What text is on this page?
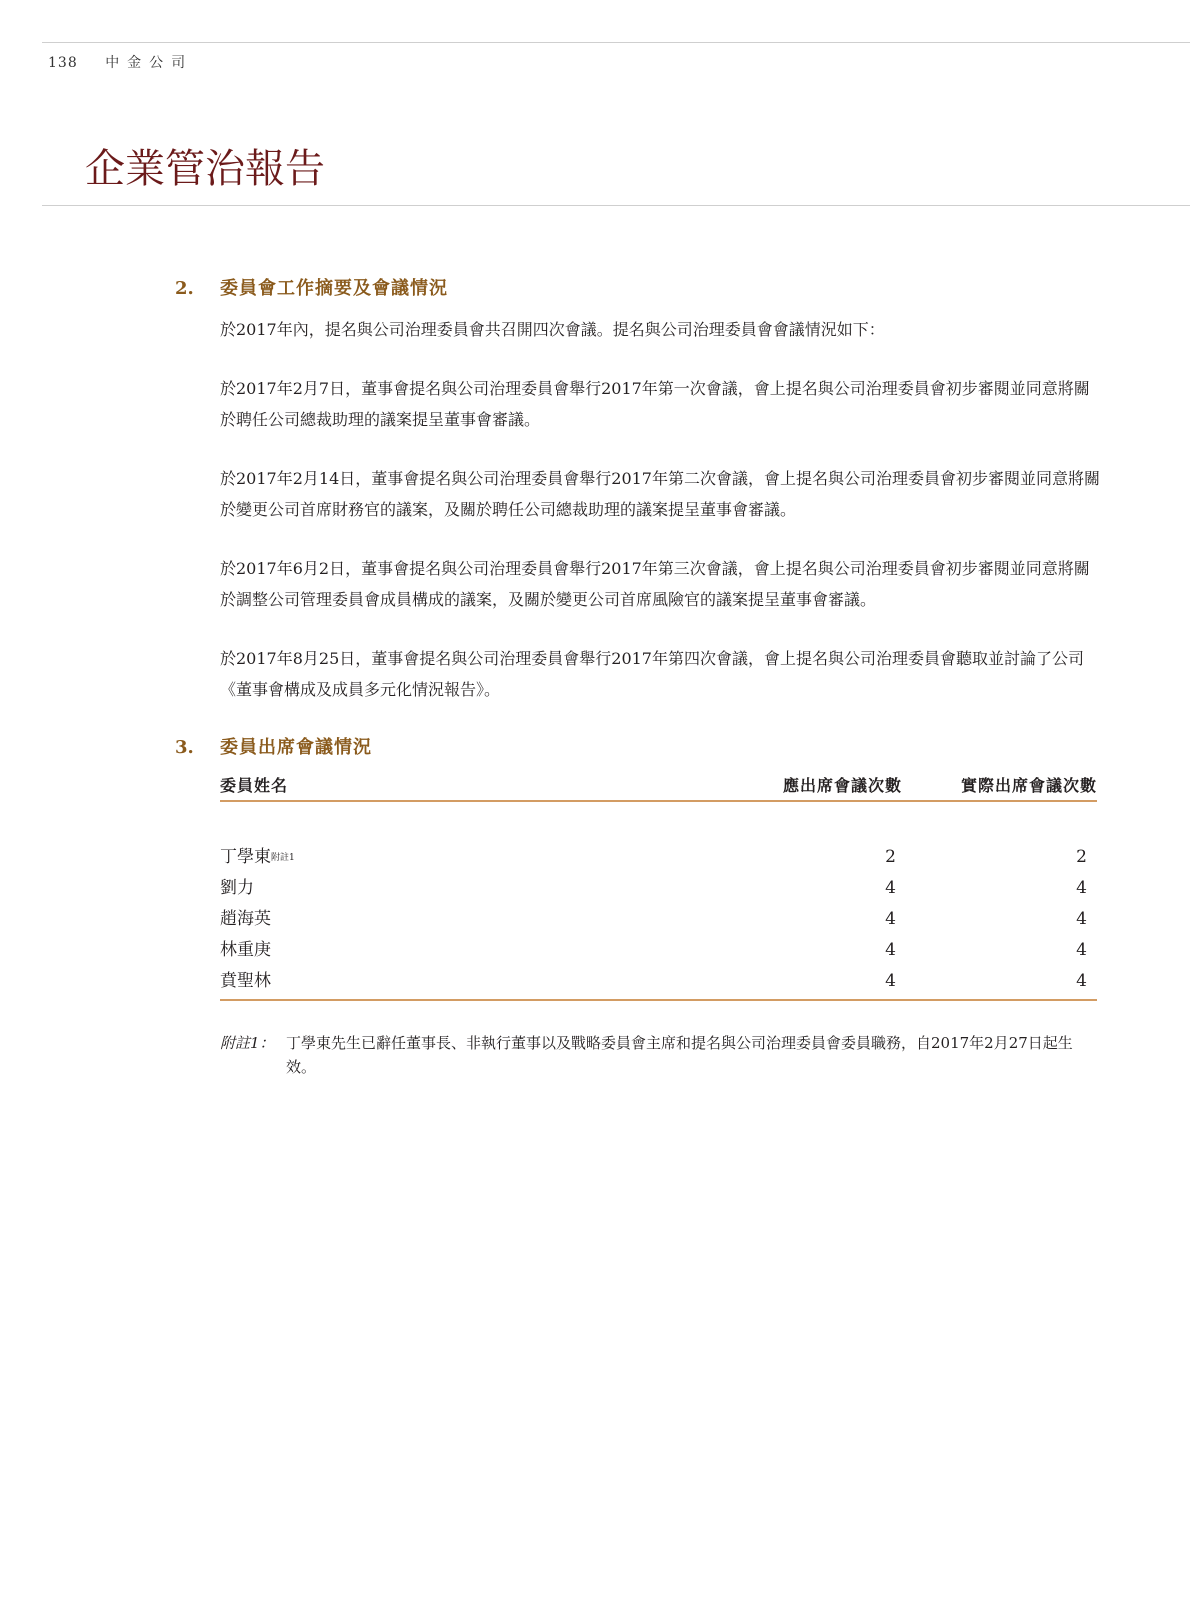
138 中金公司
企業管治報告
2. 委員會工作摘要及會議情況

於2017年內，提名與公司治理委員會共召開四次會議。提名與公司治理委員會會議情況如下：

於2017年2月7日，董事會提名與公司治理委員會舉行2017年第一次會議，會上提名與公司治理委員會初步審閱並同意將關於聘任公司總裁助理的議案提呈董事會審議。

於2017年2月14日，董事會提名與公司治理委員會舉行2017年第二次會議，會上提名與公司治理委員會初步審閱並同意將關於變更公司首席財務官的議案，及關於聘任公司總裁助理的議案提呈董事會審議。

於2017年6月2日，董事會提名與公司治理委員會舉行2017年第三次會議，會上提名與公司治理委員會初步審閱並同意將關於調整公司管理委員會成員構成的議案，及關於變更公司首席風險官的議案提呈董事會審議。

於2017年8月25日，董事會提名與公司治理委員會舉行2017年第四次會議，會上提名與公司治理委員會聽取並討論了公司《董事會構成及成員多元化情況報告》。

3. 委員出席會議情況
委員姓名	應出席會議次數	實際出席會議次數
丁學東$^{附註1}$	2	2
劉力	4	4
趙海英	4	4
林重庚	4	4
賁聖林	4	4
附註1： 丁學東先生已辭任董事長、非執行董事以及戰略委員會主席和提名與公司治理委員會委員職務，自2017年2月27日起生效。
